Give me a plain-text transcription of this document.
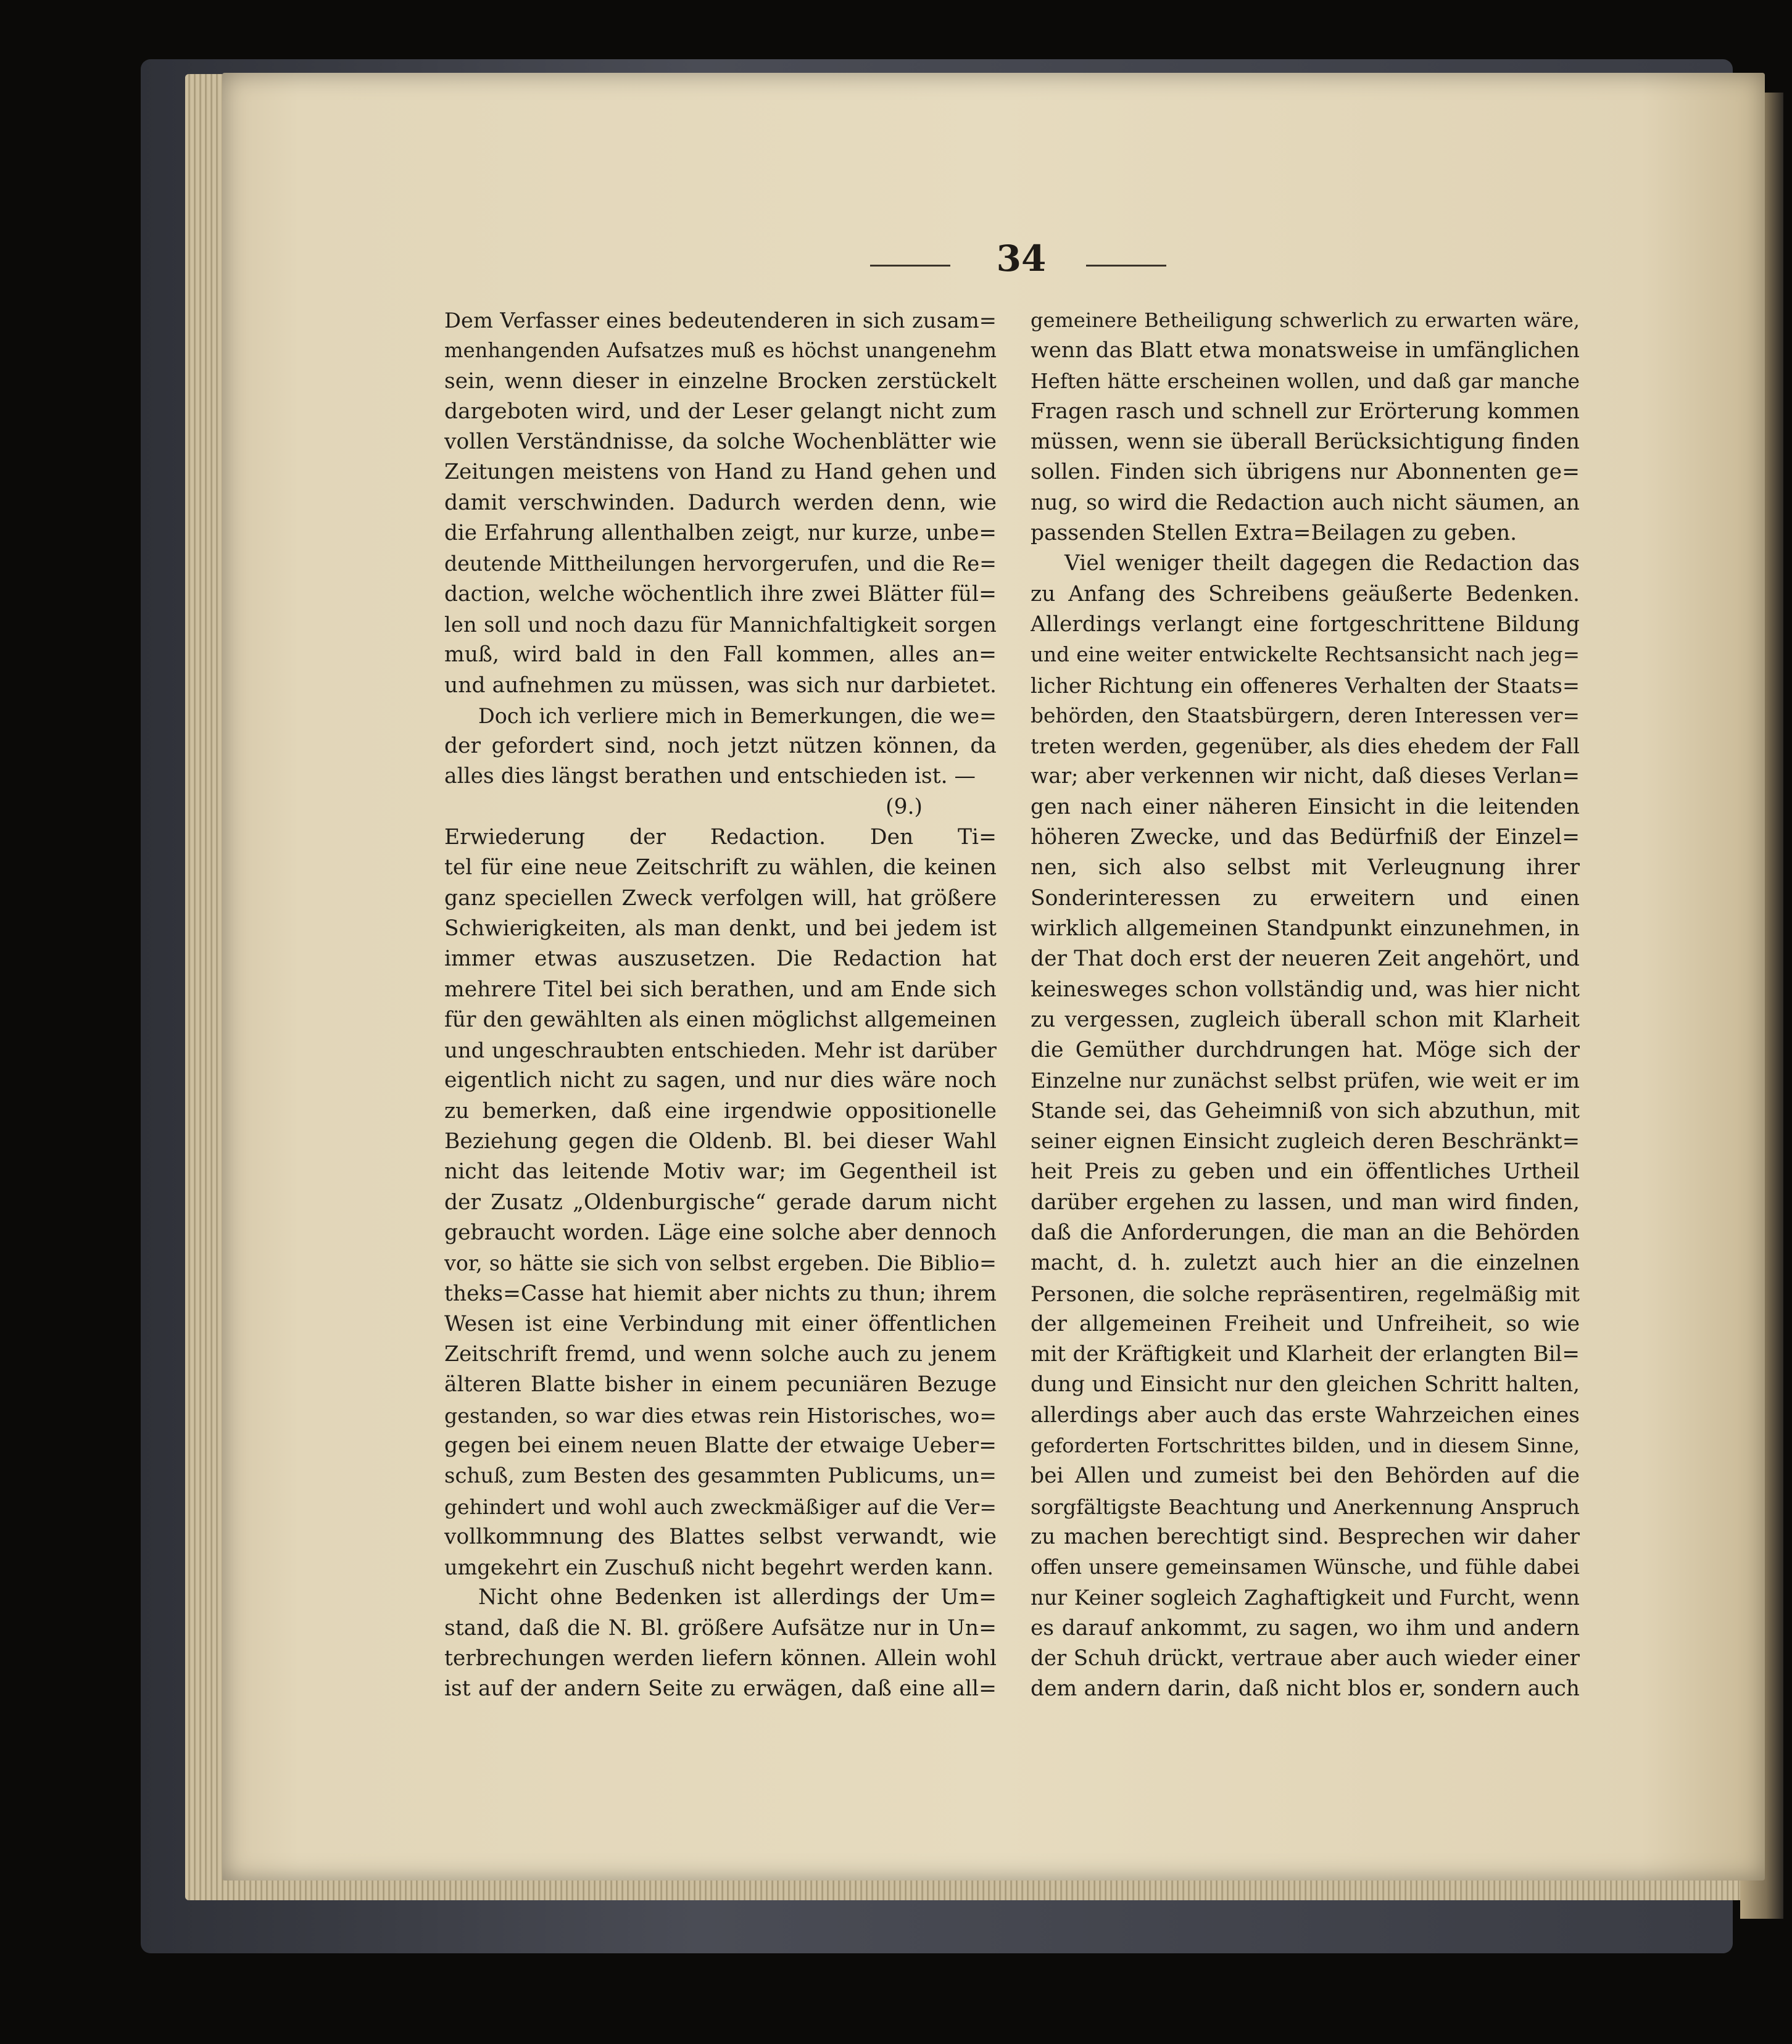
34
Dem Verfasser eines bedeutenderen in sich zusam=
menhangenden Aufsatzes muß es höchst unangenehm
sein, wenn dieser in einzelne Brocken zerstückelt
dargeboten wird, und der Leser gelangt nicht zum
vollen Verständnisse, da solche Wochenblätter wie
Zeitungen meistens von Hand zu Hand gehen und
damit verschwinden. Dadurch werden denn, wie
die Erfahrung allenthalben zeigt, nur kurze, unbe=
deutende Mittheilungen hervorgerufen, und die Re=
daction, welche wöchentlich ihre zwei Blätter fül=
len soll und noch dazu für Mannichfaltigkeit sorgen
muß, wird bald in den Fall kommen, alles an=
und aufnehmen zu müssen, was sich nur darbietet.
Doch ich verliere mich in Bemerkungen, die we=
der gefordert sind, noch jetzt nützen können, da
alles dies längst berathen und entschieden ist. —
(9.)
Erwiederung der Redaction. Den Ti=
tel für eine neue Zeitschrift zu wählen, die keinen
ganz speciellen Zweck verfolgen will, hat größere
Schwierigkeiten, als man denkt, und bei jedem ist
immer etwas auszusetzen. Die Redaction hat
mehrere Titel bei sich berathen, und am Ende sich
für den gewählten als einen möglichst allgemeinen
und ungeschraubten entschieden. Mehr ist darüber
eigentlich nicht zu sagen, und nur dies wäre noch
zu bemerken, daß eine irgendwie oppositionelle
Beziehung gegen die Oldenb. Bl. bei dieser Wahl
nicht das leitende Motiv war; im Gegentheil ist
der Zusatz „Oldenburgische“ gerade darum nicht
gebraucht worden. Läge eine solche aber dennoch
vor, so hätte sie sich von selbst ergeben. Die Biblio=
theks=Casse hat hiemit aber nichts zu thun; ihrem
Wesen ist eine Verbindung mit einer öffentlichen
Zeitschrift fremd, und wenn solche auch zu jenem
älteren Blatte bisher in einem pecuniären Bezuge
gestanden, so war dies etwas rein Historisches, wo=
gegen bei einem neuen Blatte der etwaige Ueber=
schuß, zum Besten des gesammten Publicums, un=
gehindert und wohl auch zweckmäßiger auf die Ver=
vollkommnung des Blattes selbst verwandt, wie
umgekehrt ein Zuschuß nicht begehrt werden kann.
Nicht ohne Bedenken ist allerdings der Um=
stand, daß die N. Bl. größere Aufsätze nur in Un=
terbrechungen werden liefern können. Allein wohl
ist auf der andern Seite zu erwägen, daß eine all=
gemeinere Betheiligung schwerlich zu erwarten wäre,
wenn das Blatt etwa monatsweise in umfänglichen
Heften hätte erscheinen wollen, und daß gar manche
Fragen rasch und schnell zur Erörterung kommen
müssen, wenn sie überall Berücksichtigung finden
sollen. Finden sich übrigens nur Abonnenten ge=
nug, so wird die Redaction auch nicht säumen, an
passenden Stellen Extra=Beilagen zu geben.
Viel weniger theilt dagegen die Redaction das
zu Anfang des Schreibens geäußerte Bedenken.
Allerdings verlangt eine fortgeschrittene Bildung
und eine weiter entwickelte Rechtsansicht nach jeg=
licher Richtung ein offeneres Verhalten der Staats=
behörden, den Staatsbürgern, deren Interessen ver=
treten werden, gegenüber, als dies ehedem der Fall
war; aber verkennen wir nicht, daß dieses Verlan=
gen nach einer näheren Einsicht in die leitenden
höheren Zwecke, und das Bedürfniß der Einzel=
nen, sich also selbst mit Verleugnung ihrer
Sonderinteressen zu erweitern und einen
wirklich allgemeinen Standpunkt einzunehmen, in
der That doch erst der neueren Zeit angehört, und
keinesweges schon vollständig und, was hier nicht
zu vergessen, zugleich überall schon mit Klarheit
die Gemüther durchdrungen hat. Möge sich der
Einzelne nur zunächst selbst prüfen, wie weit er im
Stande sei, das Geheimniß von sich abzuthun, mit
seiner eignen Einsicht zugleich deren Beschränkt=
heit Preis zu geben und ein öffentliches Urtheil
darüber ergehen zu lassen, und man wird finden,
daß die Anforderungen, die man an die Behörden
macht, d. h. zuletzt auch hier an die einzelnen
Personen, die solche repräsentiren, regelmäßig mit
der allgemeinen Freiheit und Unfreiheit, so wie
mit der Kräftigkeit und Klarheit der erlangten Bil=
dung und Einsicht nur den gleichen Schritt halten,
allerdings aber auch das erste Wahrzeichen eines
geforderten Fortschrittes bilden, und in diesem Sinne,
bei Allen und zumeist bei den Behörden auf die
sorgfältigste Beachtung und Anerkennung Anspruch
zu machen berechtigt sind. Besprechen wir daher
offen unsere gemeinsamen Wünsche, und fühle dabei
nur Keiner sogleich Zaghaftigkeit und Furcht, wenn
es darauf ankommt, zu sagen, wo ihm und andern
der Schuh drückt, vertraue aber auch wieder einer
dem andern darin, daß nicht blos er, sondern auch
